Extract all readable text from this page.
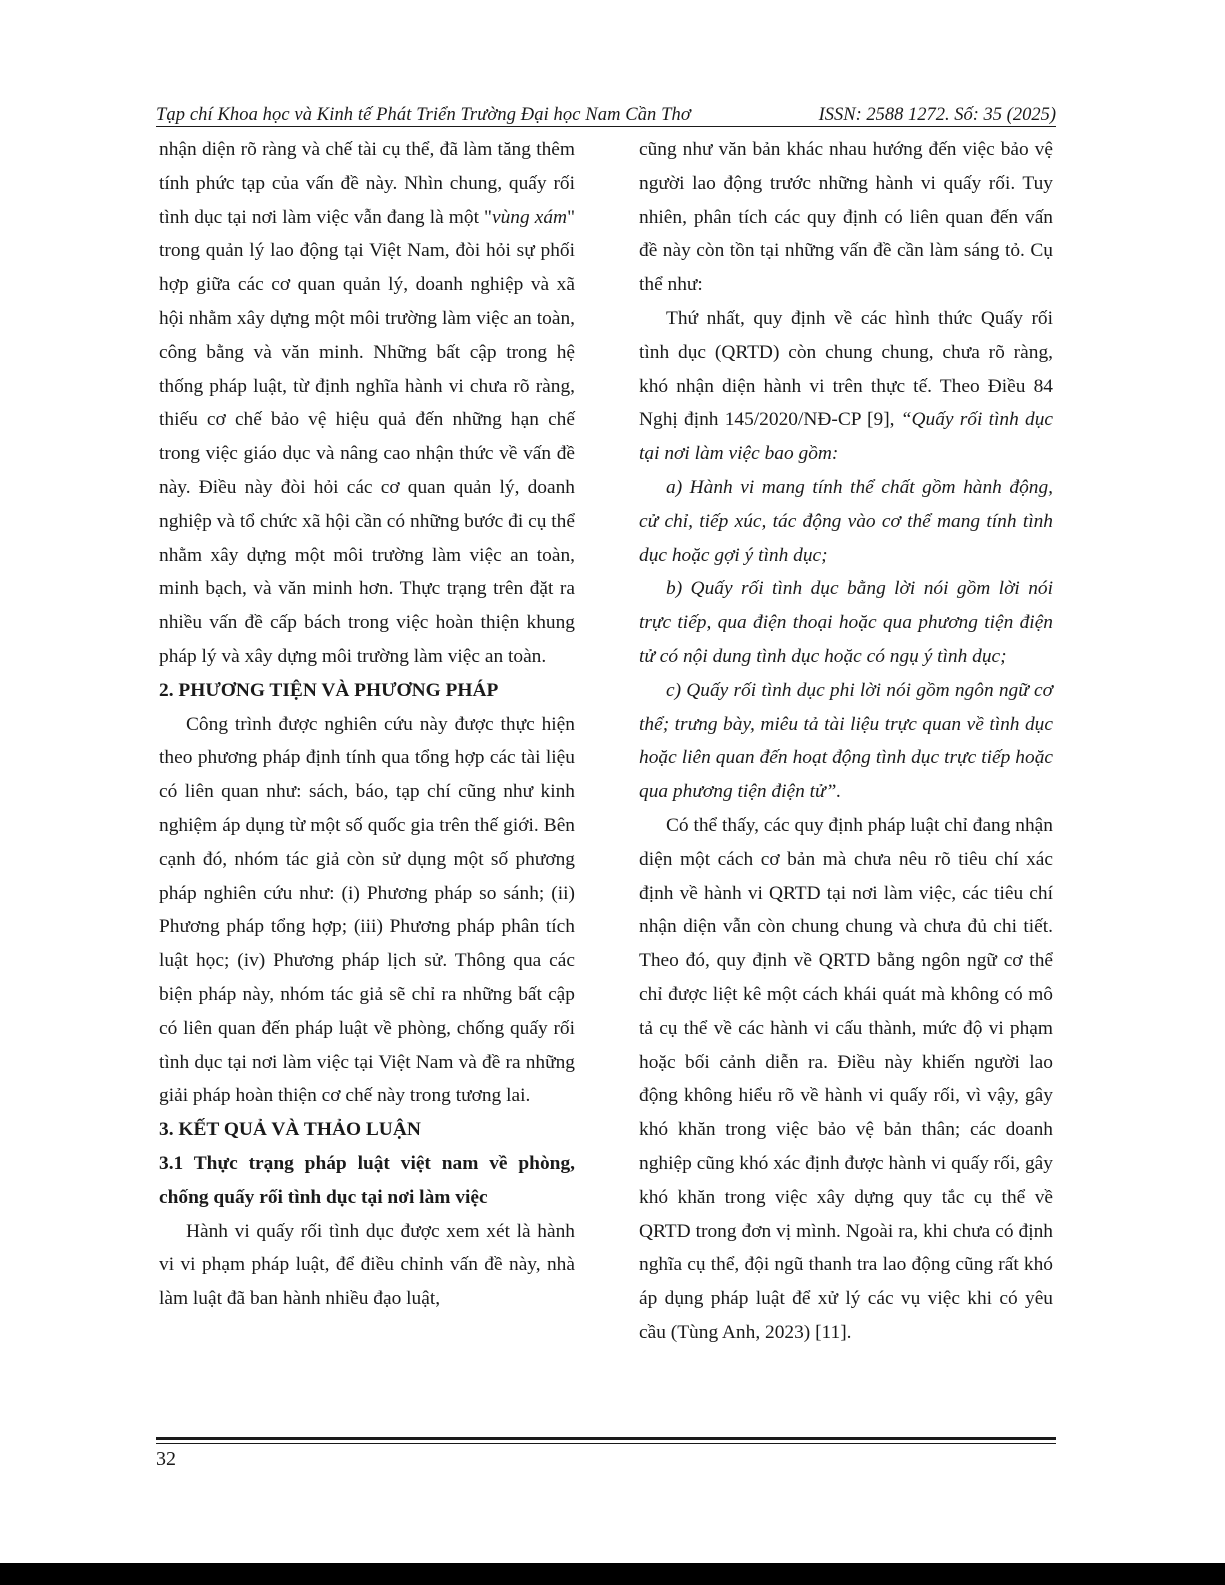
Tạp chí Khoa học và Kinh tế Phát Triển Trường Đại học Nam Cần Thơ	ISSN: 2588 1272. Số: 35 (2025)

nhận diện rõ ràng và chế tài cụ thể, đã làm tăng thêm tính phức tạp của vấn đề này. Nhìn chung, quấy rối tình dục tại nơi làm việc vẫn đang là một "vùng xám" trong quản lý lao động tại Việt Nam, đòi hỏi sự phối hợp giữa các cơ quan quản lý, doanh nghiệp và xã hội nhằm xây dựng một môi trường làm việc an toàn, công bằng và văn minh. Những bất cập trong hệ thống pháp luật, từ định nghĩa hành vi chưa rõ ràng, thiếu cơ chế bảo vệ hiệu quả đến những hạn chế trong việc giáo dục và nâng cao nhận thức về vấn đề này. Điều này đòi hỏi các cơ quan quản lý, doanh nghiệp và tổ chức xã hội cần có những bước đi cụ thể nhằm xây dựng một môi trường làm việc an toàn, minh bạch, và văn minh hơn. Thực trạng trên đặt ra nhiều vấn đề cấp bách trong việc hoàn thiện khung pháp lý và xây dựng môi trường làm việc an toàn.

2. PHƯƠNG TIỆN VÀ PHƯƠNG PHÁP

Công trình được nghiên cứu này được thực hiện theo phương pháp định tính qua tổng hợp các tài liệu có liên quan như: sách, báo, tạp chí cũng như kinh nghiệm áp dụng từ một số quốc gia trên thế giới. Bên cạnh đó, nhóm tác giả còn sử dụng một số phương pháp nghiên cứu như: (i) Phương pháp so sánh; (ii) Phương pháp tổng hợp; (iii) Phương pháp phân tích luật học; (iv) Phương pháp lịch sử. Thông qua các biện pháp này, nhóm tác giả sẽ chỉ ra những bất cập có liên quan đến pháp luật về phòng, chống quấy rối tình dục tại nơi làm việc tại Việt Nam và đề ra những giải pháp hoàn thiện cơ chế này trong tương lai.

3. KẾT QUẢ VÀ THẢO LUẬN

3.1 Thực trạng pháp luật việt nam về phòng, chống quấy rối tình dục tại nơi làm việc

Hành vi quấy rối tình dục được xem xét là hành vi vi phạm pháp luật, để điều chỉnh vấn đề này, nhà làm luật đã ban hành nhiều đạo luật,

cũng như văn bản khác nhau hướng đến việc bảo vệ người lao động trước những hành vi quấy rối. Tuy nhiên, phân tích các quy định có liên quan đến vấn đề này còn tồn tại những vấn đề cần làm sáng tỏ. Cụ thể như:

Thứ nhất, quy định về các hình thức Quấy rối tình dục (QRTD) còn chung chung, chưa rõ ràng, khó nhận diện hành vi trên thực tế. Theo Điều 84 Nghị định 145/2020/NĐ-CP [9], “Quấy rối tình dục tại nơi làm việc bao gồm:

a) Hành vi mang tính thể chất gồm hành động, cử chỉ, tiếp xúc, tác động vào cơ thể mang tính tình dục hoặc gợi ý tình dục;

b) Quấy rối tình dục bằng lời nói gồm lời nói trực tiếp, qua điện thoại hoặc qua phương tiện điện tử có nội dung tình dục hoặc có ngụ ý tình dục;

c) Quấy rối tình dục phi lời nói gồm ngôn ngữ cơ thể; trưng bày, miêu tả tài liệu trực quan về tình dục hoặc liên quan đến hoạt động tình dục trực tiếp hoặc qua phương tiện điện tử”.

Có thể thấy, các quy định pháp luật chỉ đang nhận diện một cách cơ bản mà chưa nêu rõ tiêu chí xác định về hành vi QRTD tại nơi làm việc, các tiêu chí nhận diện vẫn còn chung chung và chưa đủ chi tiết. Theo đó, quy định về QRTD bằng ngôn ngữ cơ thể chỉ được liệt kê một cách khái quát mà không có mô tả cụ thể về các hành vi cấu thành, mức độ vi phạm hoặc bối cảnh diễn ra. Điều này khiến người lao động không hiểu rõ về hành vi quấy rối, vì vậy, gây khó khăn trong việc bảo vệ bản thân; các doanh nghiệp cũng khó xác định được hành vi quấy rối, gây khó khăn trong việc xây dựng quy tắc cụ thể về QRTD trong đơn vị mình. Ngoài ra, khi chưa có định nghĩa cụ thể, đội ngũ thanh tra lao động cũng rất khó áp dụng pháp luật để xử lý các vụ việc khi có yêu cầu (Tùng Anh, 2023) [11].

32
